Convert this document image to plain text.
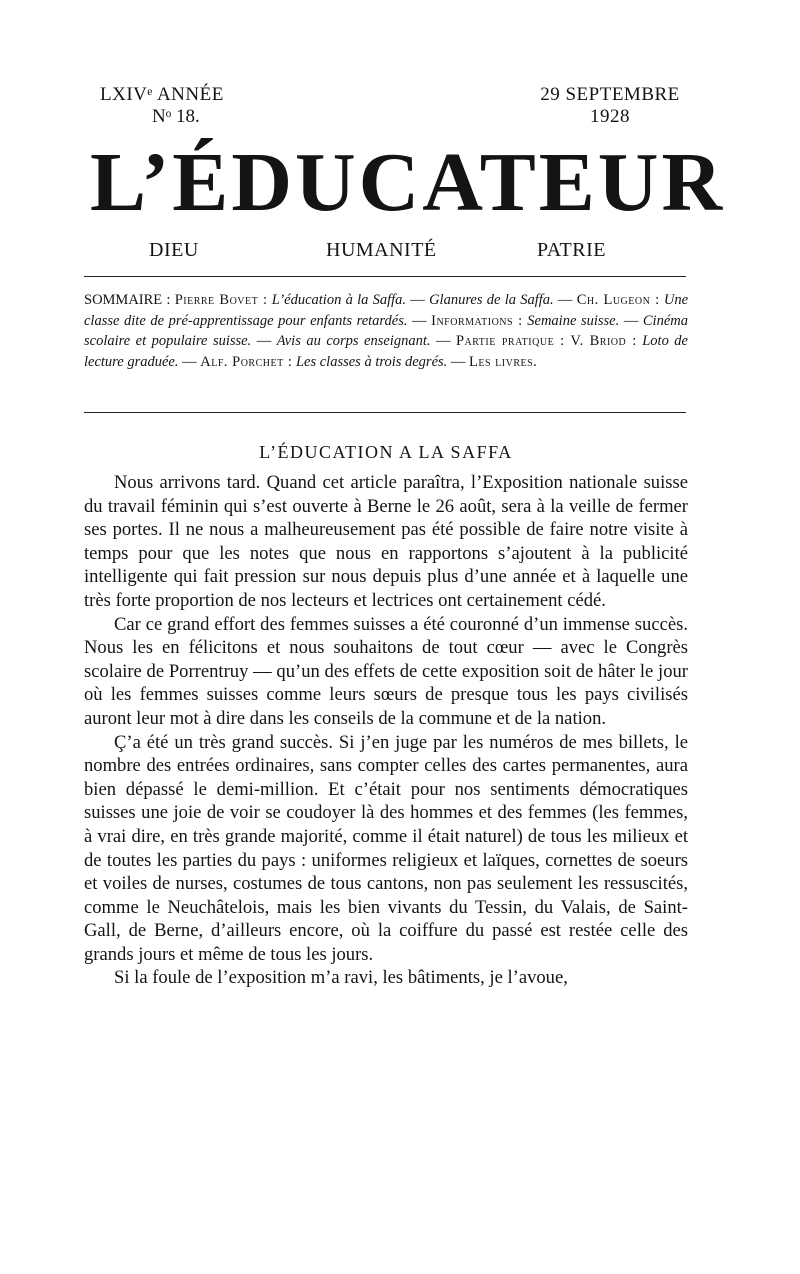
LXIVᵉ ANNÉE
Nᵒ 18.
29 SEPTEMBRE
1928
L’ÉDUCATEUR
DIEU	HUMANITÉ	PATRIE

SOMMAIRE : Pierre Bovet : L’éducation à la Saffa. — Glanures de la Saffa. — Ch. Lugeon : Une classe dite de pré-apprentissage pour enfants retardés. — Informations : Semaine suisse. — Cinéma scolaire et populaire suisse. — Avis au corps enseignant. — Partie pratique : V. Briod : Loto de lecture graduée. — Alf. Porchet : Les classes à trois degrés. — Les livres.

L’ÉDUCATION A LA SAFFA

Nous arrivons tard. Quand cet article paraîtra, l’Exposition nationale suisse du travail féminin qui s’est ouverte à Berne le 26 août, sera à la veille de fermer ses portes. Il ne nous a malheureusement pas été possible de faire notre visite à temps pour que les notes que nous en rapportons s’ajoutent à la publicité intelligente qui fait pression sur nous depuis plus d’une année et à laquelle une très forte proportion de nos lecteurs et lectrices ont certainement cédé.

Car ce grand effort des femmes suisses a été couronné d’un immense succès. Nous les en félicitons et nous souhaitons de tout cœur — avec le Congrès scolaire de Porrentruy — qu’un des effets de cette exposition soit de hâter le jour où les femmes suisses comme leurs sœurs de presque tous les pays civilisés auront leur mot à dire dans les conseils de la commune et de la nation.

Ç’a été un très grand succès. Si j’en juge par les numéros de mes billets, le nombre des entrées ordinaires, sans compter celles des cartes permanentes, aura bien dépassé le demi-million. Et c’était pour nos sentiments démocratiques suisses une joie de voir se coudoyer là des hommes et des femmes (les femmes, à vrai dire, en très grande majorité, comme il était naturel) de tous les milieux et de toutes les parties du pays : uniformes religieux et laïques, cornettes de soeurs et voiles de nurses, costumes de tous cantons, non pas seulement les ressuscités, comme le Neuchâtelois, mais les bien vivants du Tessin, du Valais, de Saint-Gall, de Berne, d’ailleurs encore, où la coiffure du passé est restée celle des grands jours et même de tous les jours.

Si la foule de l’exposition m’a ravi, les bâtiments, je l’avoue,
